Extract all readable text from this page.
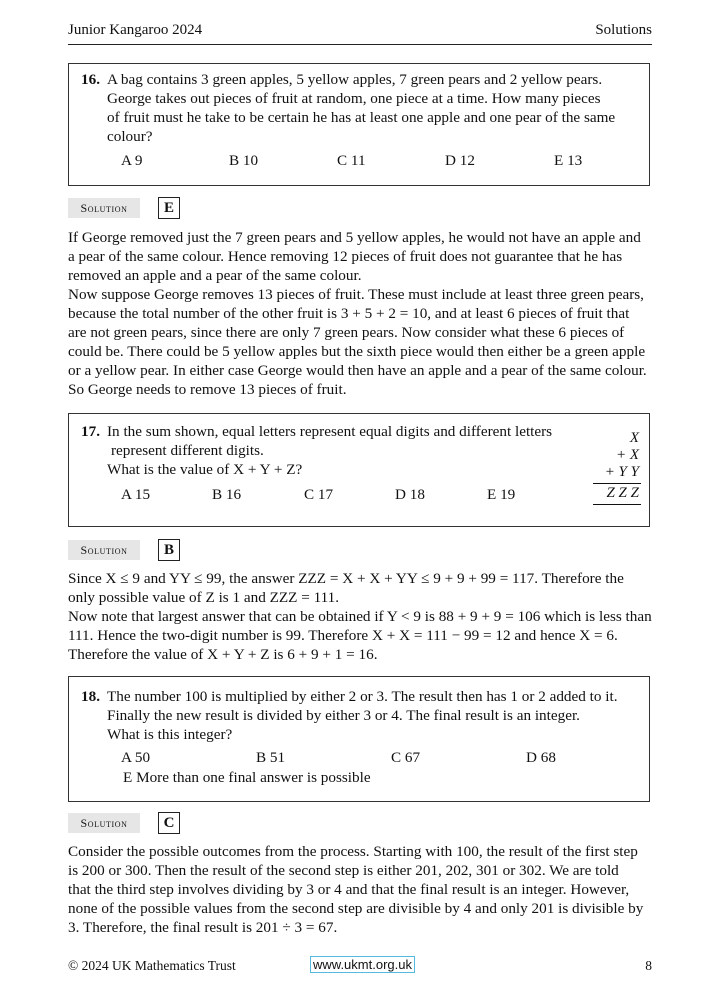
Junior Kangaroo 2024	Solutions
16. A bag contains 3 green apples, 5 yellow apples, 7 green pears and 2 yellow pears.
George takes out pieces of fruit at random, one piece at a time. How many pieces
of fruit must he take to be certain he has at least one apple and one pear of the same
colour?
A 9	B 10	C 11	D 12	E 13
Solution	E

If George removed just the 7 green pears and 5 yellow apples, he would not have an apple and

a pear of the same colour. Hence removing 12 pieces of fruit does not guarantee that he has

removed an apple and a pear of the same colour.

Now suppose George removes 13 pieces of fruit. These must include at least three green pears,

because the total number of the other fruit is 3 + 5 + 2 = 10, and at least 6 pieces of fruit that

are not green pears, since there are only 7 green pears. Now consider what these 6 pieces of

could be. There could be 5 yellow apples but the sixth piece would then either be a green apple

or a yellow pear. In either case George would then have an apple and a pear of the same colour.

So George needs to remove 13 pieces of fruit.

17. In the sum shown, equal letters represent equal digits and different letters
represent different digits.
What is the value of X + Y + Z?
A 15	B 16	C 17	D 18	E 19
X
+ X
+ Y Y
Z Z Z
Solution	B

Since X ≤ 9 and YY ≤ 99, the answer ZZZ = X + X + YY ≤ 9 + 9 + 99 = 117. Therefore the

only possible value of Z is 1 and ZZZ = 111.

Now note that largest answer that can be obtained if Y < 9 is 88 + 9 + 9 = 106 which is less than

111. Hence the two-digit number is 99. Therefore X + X = 111 − 99 = 12 and hence X = 6.

Therefore the value of X + Y + Z is 6 + 9 + 1 = 16.

18. The number 100 is multiplied by either 2 or 3. The result then has 1 or 2 added to it.
Finally the new result is divided by either 3 or 4. The final result is an integer.
What is this integer?
A 50	B 51	C 67	D 68
E More than one final answer is possible
Solution	C

Consider the possible outcomes from the process. Starting with 100, the result of the first step

is 200 or 300. Then the result of the second step is either 201, 202, 301 or 302. We are told

that the third step involves dividing by 3 or 4 and that the final result is an integer. However,

none of the possible values from the second step are divisible by 4 and only 201 is divisible by

3. Therefore, the final result is 201 ÷ 3 = 67.

© 2024 UK Mathematics Trust	www.ukmt.org.uk	8
